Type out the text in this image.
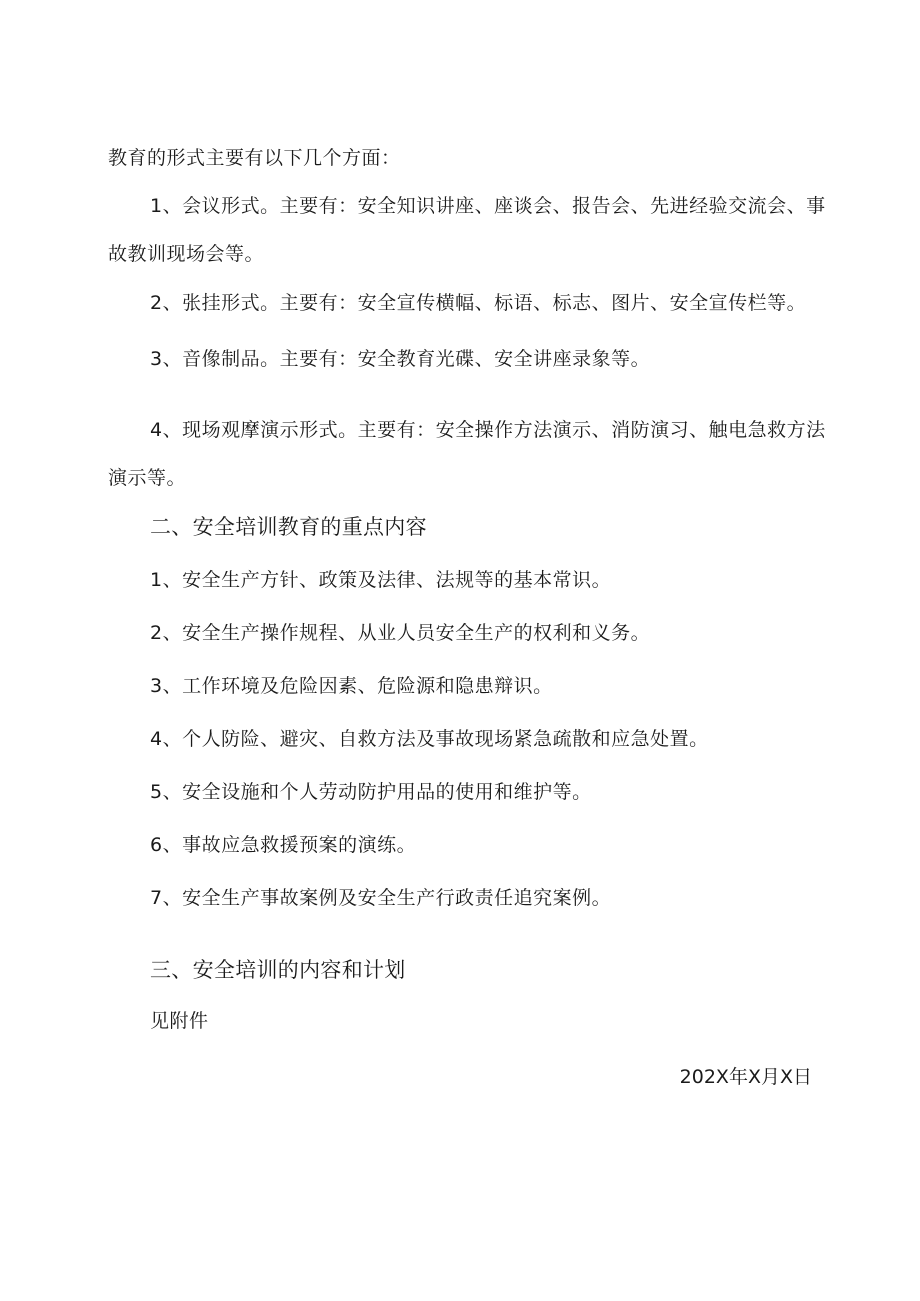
教育的形式主要有以下几个方面：
1、会议形式。主要有：安全知识讲座、座谈会、报告会、先进经验交流会、事
故教训现场会等。
2、张挂形式。主要有：安全宣传横幅、标语、标志、图片、安全宣传栏等。
3、音像制品。主要有：安全教育光碟、安全讲座录象等。
4、现场观摩演示形式。主要有：安全操作方法演示、消防演习、触电急救方法
演示等。
二、安全培训教育的重点内容
1、安全生产方针、政策及法律、法规等的基本常识。
2、安全生产操作规程、从业人员安全生产的权利和义务。
3、工作环境及危险因素、危险源和隐患辩识。
4、个人防险、避灾、自救方法及事故现场紧急疏散和应急处置。
5、安全设施和个人劳动防护用品的使用和维护等。
6、事故应急救援预案的演练。
7、安全生产事故案例及安全生产行政责任追究案例。
三、安全培训的内容和计划
见附件
202X年X月X日
